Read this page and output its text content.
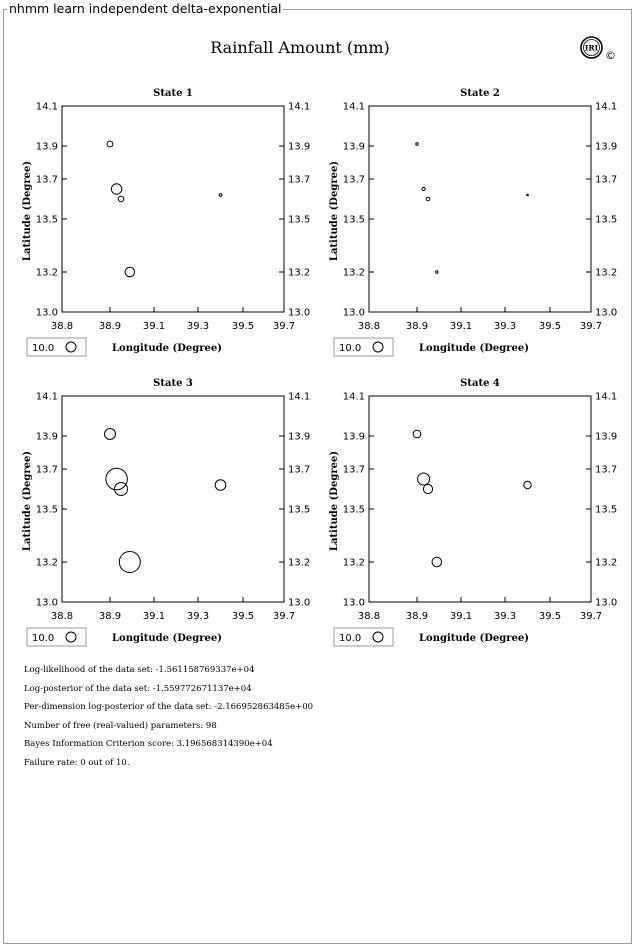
nhmm learn independent delta-exponential
Rainfall Amount (mm)	IRI
©
State 1
13.0	13.0
13.2	13.2
13.5	13.5
13.7	13.7
13.9	13.9
14.1	14.1
38.8	38.9 39.1 39.3 39.5 39.7
Longitude (Degree)
Latitude (Degree)
10.0
State 2
13.0	13.0
13.2	13.2
13.5	13.5
13.7	13.7
13.9	13.9
14.1	14.1
38.8	38.9 39.1 39.3 39.5 39.7
Longitude (Degree)
Latitude (Degree)
10.0
State 3
13.0	13.0
13.2	13.2
13.5	13.5
13.7	13.7
13.9	13.9
14.1	14.1
38.8	38.9 39.1 39.3 39.5 39.7
Longitude (Degree)
Latitude (Degree)
10.0
State 4
13.0	13.0
13.2	13.2
13.5	13.5
13.7	13.7
13.9	13.9
14.1	14.1
38.8	38.9 39.1 39.3 39.5 39.7
Longitude (Degree)
Latitude (Degree)
10.0
Log-likelihood of the data set: -1.561158769337e+04
Log-posterior of the data set: -1.559772671137e+04
Per-dimension log-posterior of the data set: -2.166952863485e+00
Number of free (real-valued) parameters: 98
Bayes Information Criterion score: 3.196568314390e+04
Failure rate: 0 out of 10.
